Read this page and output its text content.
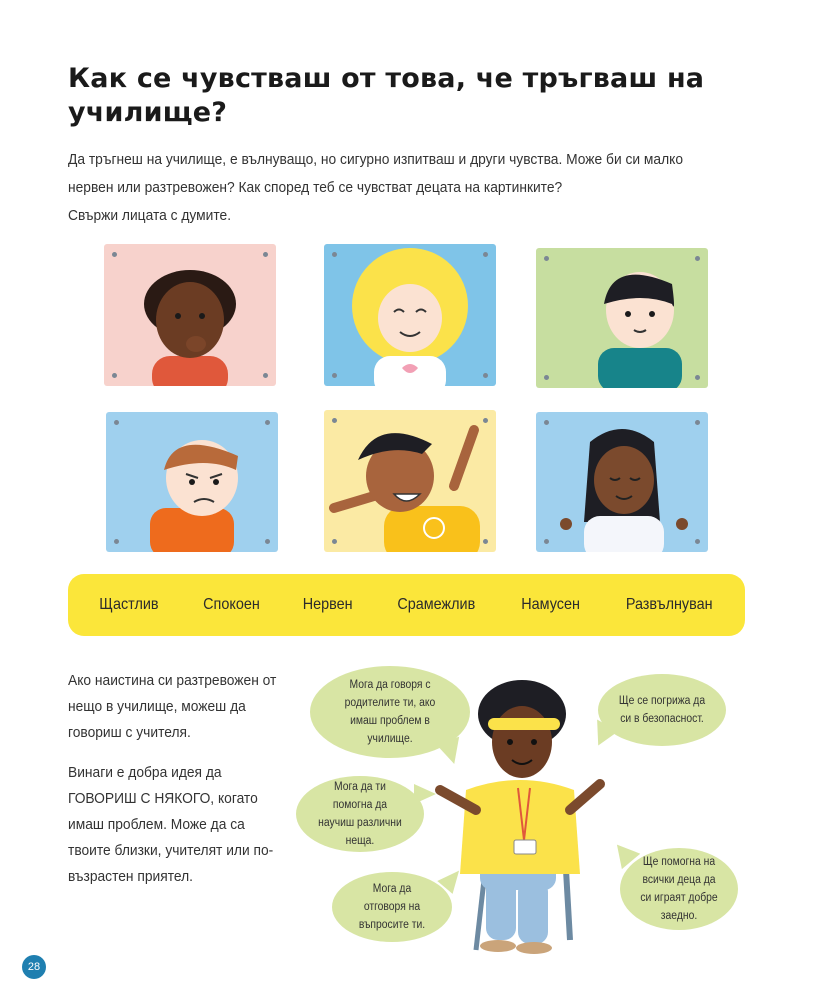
Как се чувстваш от това, че тръгваш на училище?

Да тръгнеш на училище, е вълнуващо, но сигурно изпитваш и други чувства. Може би си малко нервен или разтревожен? Как според теб се чувстват децата на картинките?

Свържи лицата с думите.

Щастлив	Спокоен	Нервен	Срамежлив	Намусен	Развълнуван

Ако наистина си разтревожен от нещо в училище, можеш да говориш с учителя.

Винаги е добра идея да ГОВОРИШ С НЯКОГО, когато имаш проблем. Може да са твоите близки, учителят или по-възрастен приятел.

Мога да говоря с родителите ти, ако имаш проблем в училище.
Ще се погрижа да си в безопасност.
Мога да ти помогна да научиш различни неща.
Ще помогна на всички деца да си играят добре заедно.
Мога да отговоря на въпросите ти.
28
